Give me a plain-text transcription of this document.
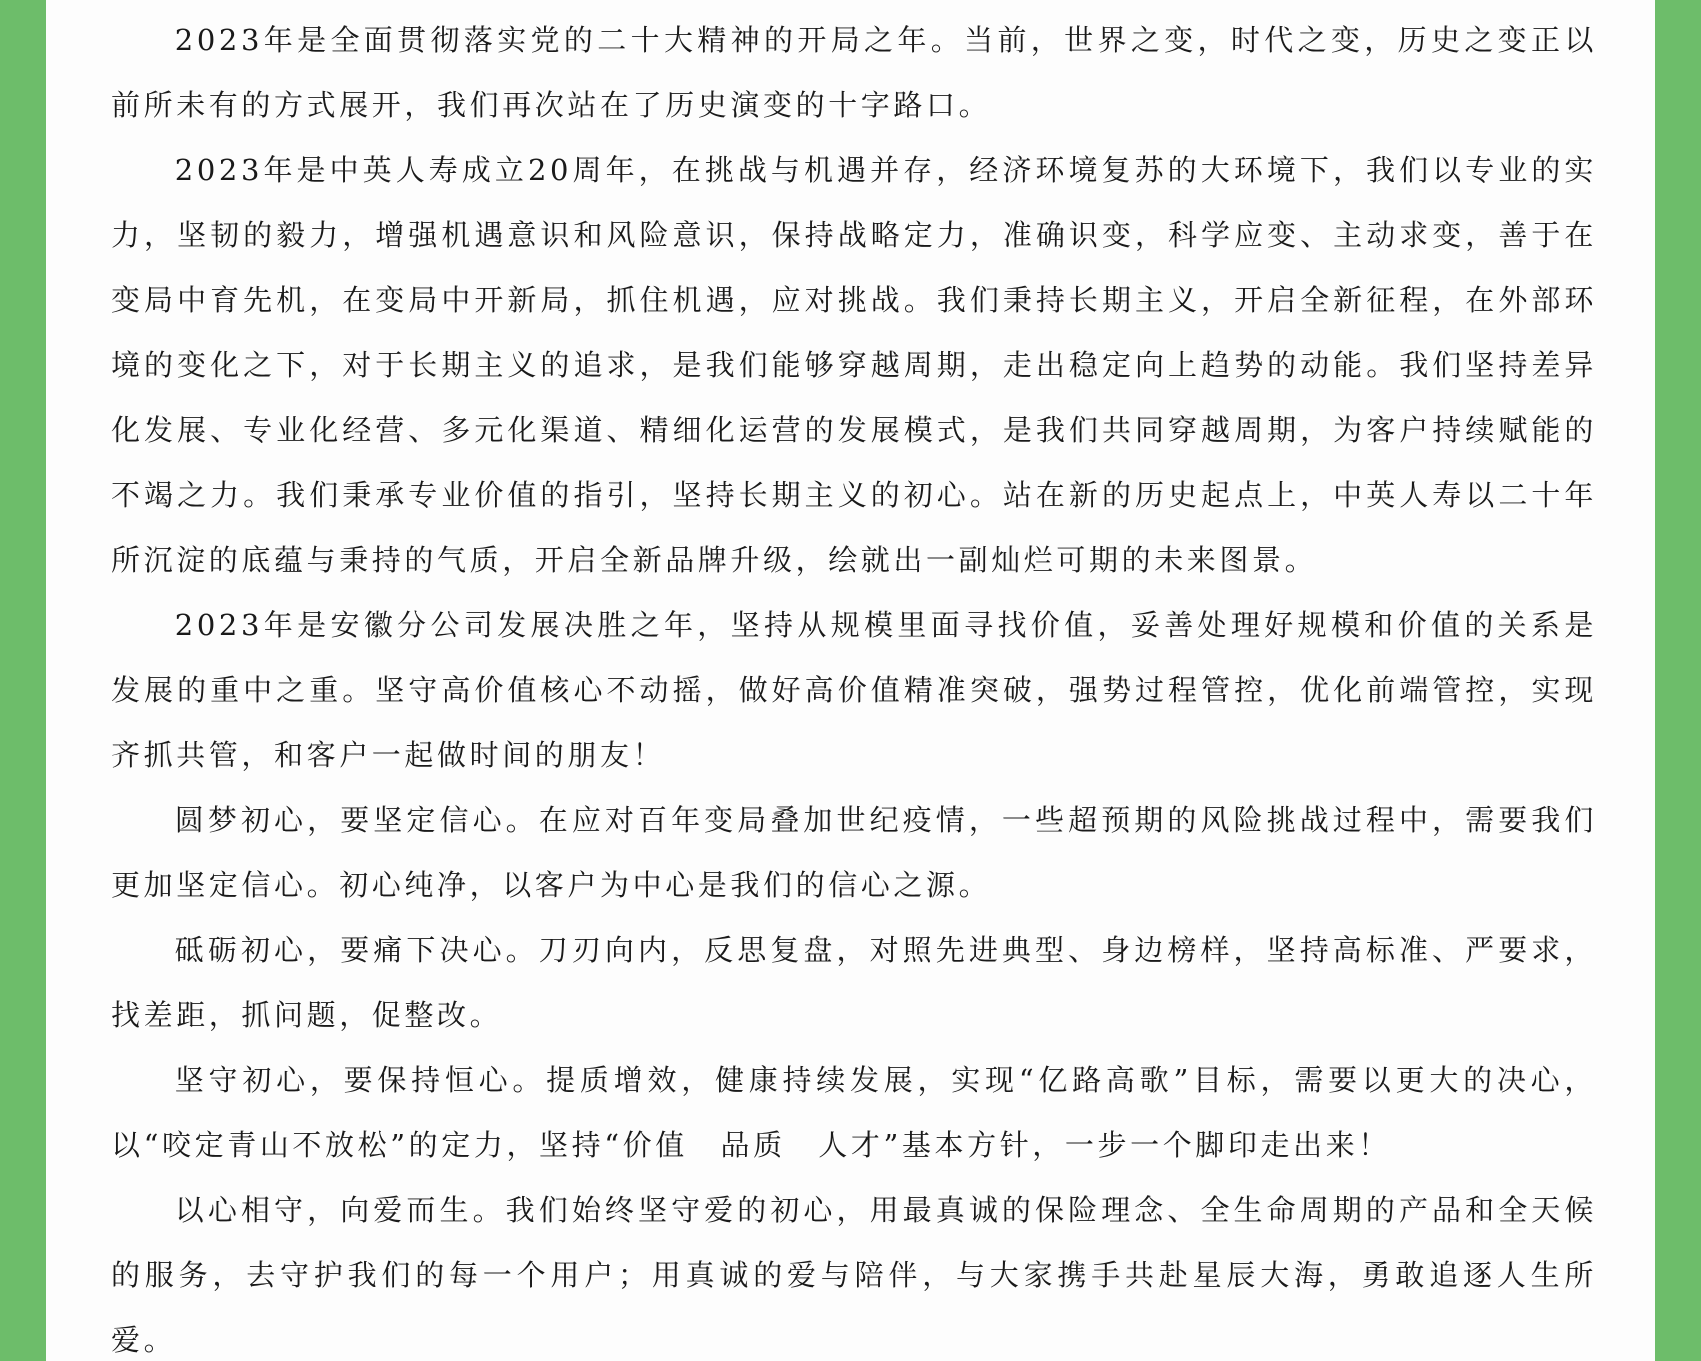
2023年是全面贯彻落实党的二十大精神的开局之年。当前，世界之变，时代之变，历史之变正以前所未有的方式展开，我们再次站在了历史演变的十字路口。

2023年是中英人寿成立20周年，在挑战与机遇并存，经济环境复苏的大环境下，我们以专业的实力，坚韧的毅力，增强机遇意识和风险意识，保持战略定力，准确识变，科学应变、主动求变，善于在变局中育先机，在变局中开新局，抓住机遇，应对挑战。我们秉持长期主义，开启全新征程，在外部环境的变化之下，对于长期主义的追求，是我们能够穿越周期，走出稳定向上趋势的动能。我们坚持差异化发展、专业化经营、多元化渠道、精细化运营的发展模式，是我们共同穿越周期，为客户持续赋能的不竭之力。我们秉承专业价值的指引，坚持长期主义的初心。站在新的历史起点上，中英人寿以二十年所沉淀的底蕴与秉持的气质，开启全新品牌升级，绘就出一副灿烂可期的未来图景。

2023年是安徽分公司发展决胜之年，坚持从规模里面寻找价值，妥善处理好规模和价值的关系是发展的重中之重。坚守高价值核心不动摇，做好高价值精准突破，强势过程管控，优化前端管控，实现齐抓共管，和客户一起做时间的朋友！

圆梦初心，要坚定信心。在应对百年变局叠加世纪疫情，一些超预期的风险挑战过程中，需要我们更加坚定信心。初心纯净，以客户为中心是我们的信心之源。

砥砺初心，要痛下决心。刀刃向内，反思复盘，对照先进典型、身边榜样，坚持高标准、严要求，找差距，抓问题，促整改。

坚守初心，要保持恒心。提质增效，健康持续发展，实现“亿路高歌”目标，需要以更大的决心，以“咬定青山不放松”的定力，坚持“价值　品质　人才”基本方针，一步一个脚印走出来！

以心相守，向爱而生。我们始终坚守爱的初心，用最真诚的保险理念、全生命周期的产品和全天候的服务，去守护我们的每一个用户；用真诚的爱与陪伴，与大家携手共赴星辰大海，勇敢追逐人生所爱。
